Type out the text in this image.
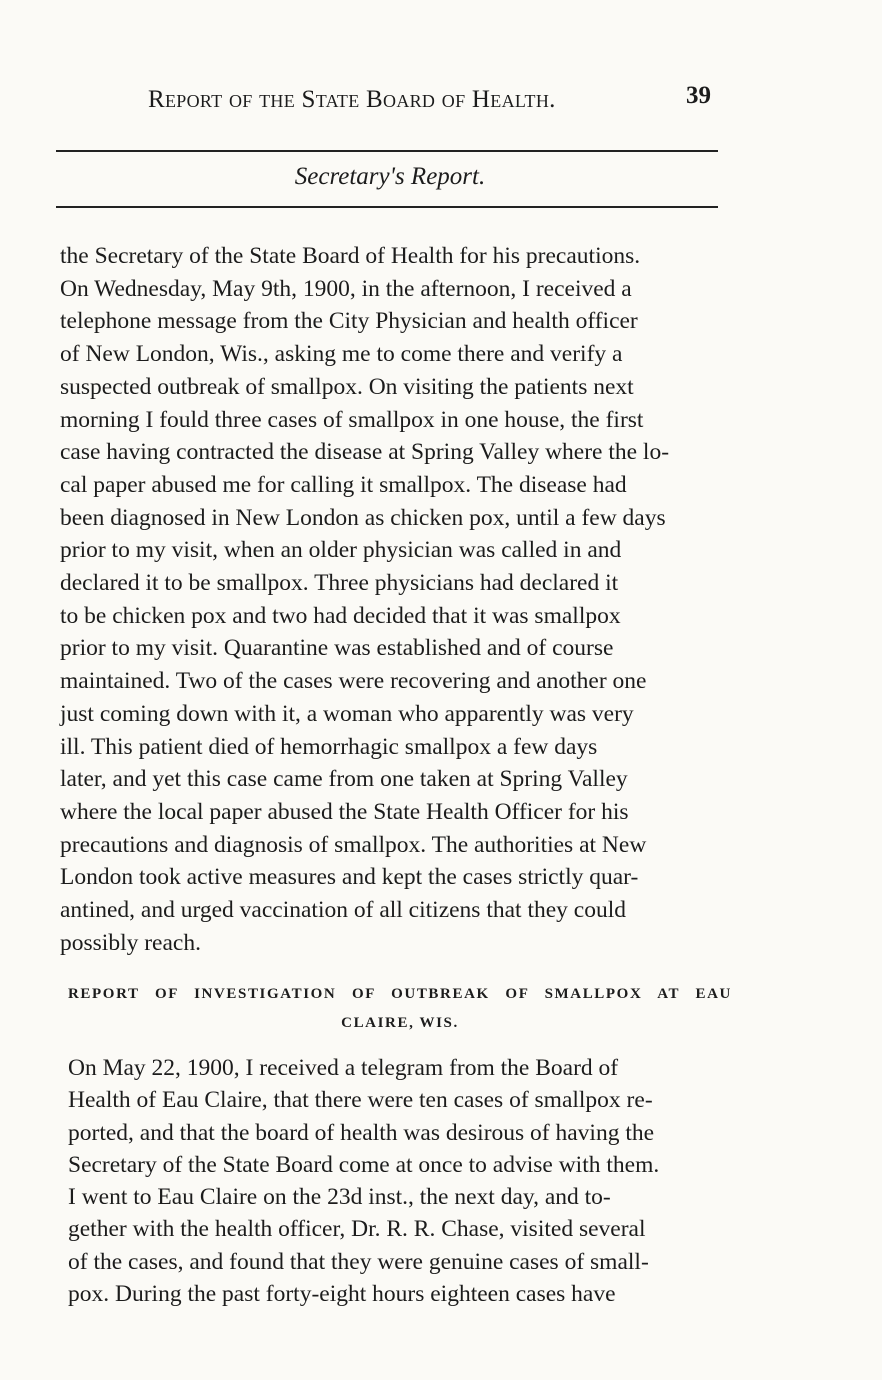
Report of the State Board of Health.	39
Secretary's Report.
the Secretary of the State Board of Health for his precautions.
On Wednesday, May 9th, 1900, in the afternoon, I received a
telephone message from the City Physician and health officer
of New London, Wis., asking me to come there and verify a
suspected outbreak of smallpox. On visiting the patients next
morning I fould three cases of smallpox in one house, the first
case having contracted the disease at Spring Valley where the lo-
cal paper abused me for calling it smallpox. The disease had
been diagnosed in New London as chicken pox, until a few days
prior to my visit, when an older physician was called in and
declared it to be smallpox. Three physicians had declared it
to be chicken pox and two had decided that it was smallpox
prior to my visit. Quarantine was established and of course
maintained. Two of the cases were recovering and another one
just coming down with it, a woman who apparently was very
ill. This patient died of hemorrhagic smallpox a few days
later, and yet this case came from one taken at Spring Valley
where the local paper abused the State Health Officer for his
precautions and diagnosis of smallpox. The authorities at New
London took active measures and kept the cases strictly quar-
antined, and urged vaccination of all citizens that they could
possibly reach.
REPORT OF INVESTIGATION OF OUTBREAK OF SMALLPOX AT EAU
CLAIRE, WIS.
On May 22, 1900, I received a telegram from the Board of
Health of Eau Claire, that there were ten cases of smallpox re-
ported, and that the board of health was desirous of having the
Secretary of the State Board come at once to advise with them.
I went to Eau Claire on the 23d inst., the next day, and to-
gether with the health officer, Dr. R. R. Chase, visited several
of the cases, and found that they were genuine cases of small-
pox. During the past forty-eight hours eighteen cases have
